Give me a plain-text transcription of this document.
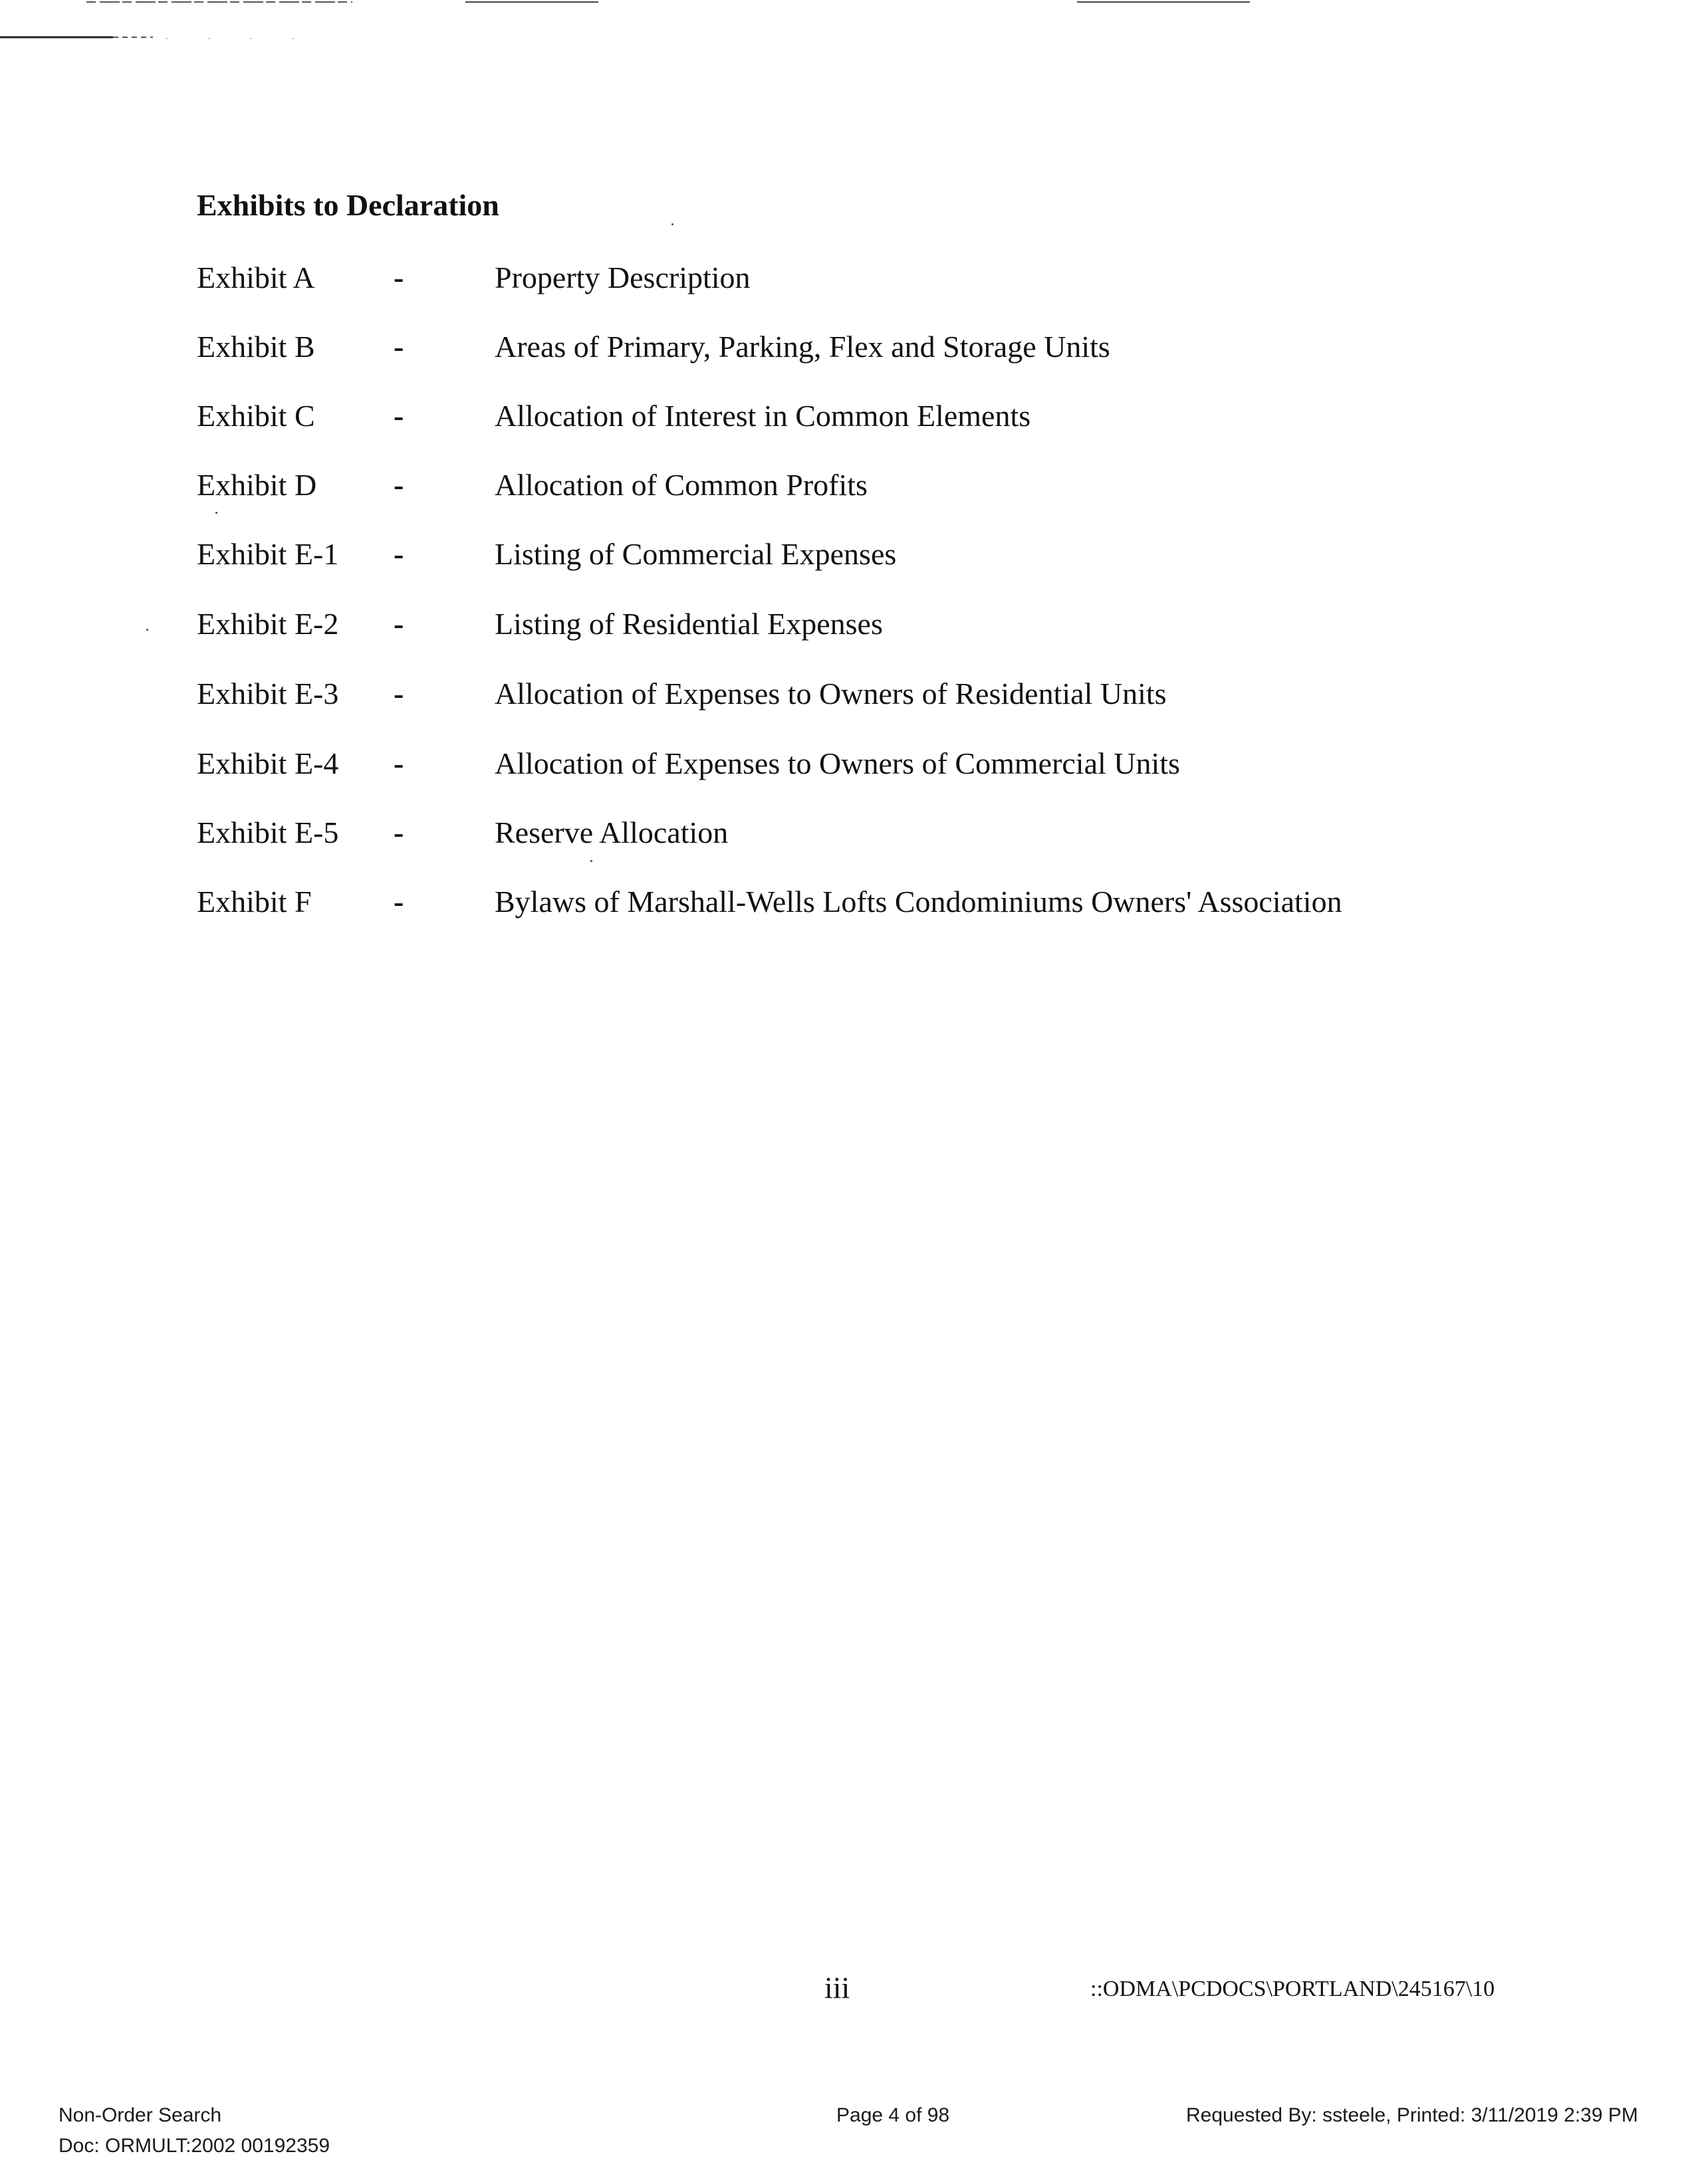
Exhibits to Declaration
Exhibit A	-	Property Description
Exhibit B	-	Areas of Primary, Parking, Flex and Storage Units
Exhibit C	-	Allocation of Interest in Common Elements
Exhibit D	-	Allocation of Common Profits
Exhibit E-1 -	Listing of Commercial Expenses
Exhibit E-2 -	Listing of Residential Expenses
Exhibit E-3 -	Allocation of Expenses to Owners of Residential Units
Exhibit E-4 -	Allocation of Expenses to Owners of Commercial Units
Exhibit E-5 -	Reserve Allocation
Exhibit F	-	Bylaws of Marshall-Wells Lofts Condominiums Owners' Association
iii	::ODMA\PCDOCS\PORTLAND\245167\10
Non-Order Search
Doc: ORMULT:2002 00192359
Page 4 of 98	Requested By: ssteele, Printed: 3/11/2019 2:39 PM
